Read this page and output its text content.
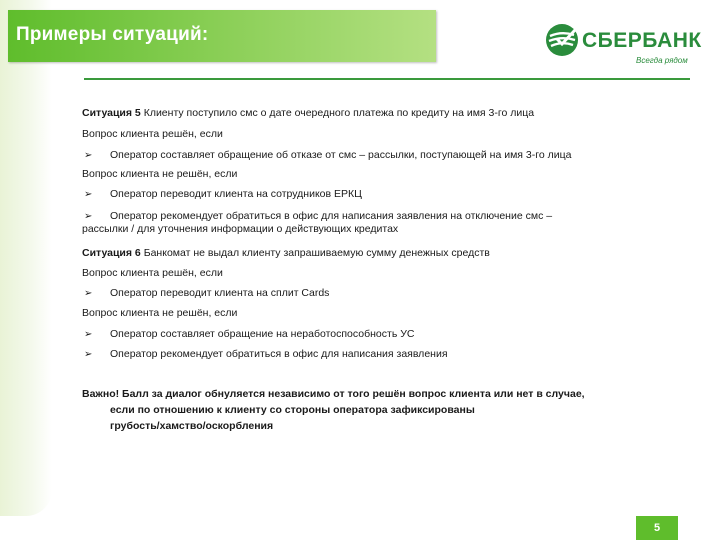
Примеры ситуаций:	СБЕРБАНК
Всегда рядом
Ситуация 5 Клиенту поступило смс о дате очередного платежа по кредиту на имя 3-го лица
Вопрос клиента решён, если
➢ Оператор составляет обращение об отказе от смс – рассылки, поступающей на имя 3-го лица
Вопрос клиента не решён, если
➢ Оператор переводит клиента на сотрудников ЕРКЦ
➢ Оператор рекомендует обратиться в офис для написания заявления на отключение смс –
рассылки / для уточнения информации о действующих кредитах
Ситуация 6 Банкомат не выдал клиенту запрашиваемую сумму денежных средств
Вопрос клиента решён, если
➢ Оператор переводит клиента на сплит Cards
Вопрос клиента не решён, если
➢ Оператор составляет обращение на неработоспособность УС
➢ Оператор рекомендует обратиться в офис для написания заявления
Важно! Балл за диалог обнуляется независимо от того решён вопрос клиента или нет в случае,
если по отношению к клиенту со стороны оператора зафиксированы
грубость/хамство/оскорбления
5
